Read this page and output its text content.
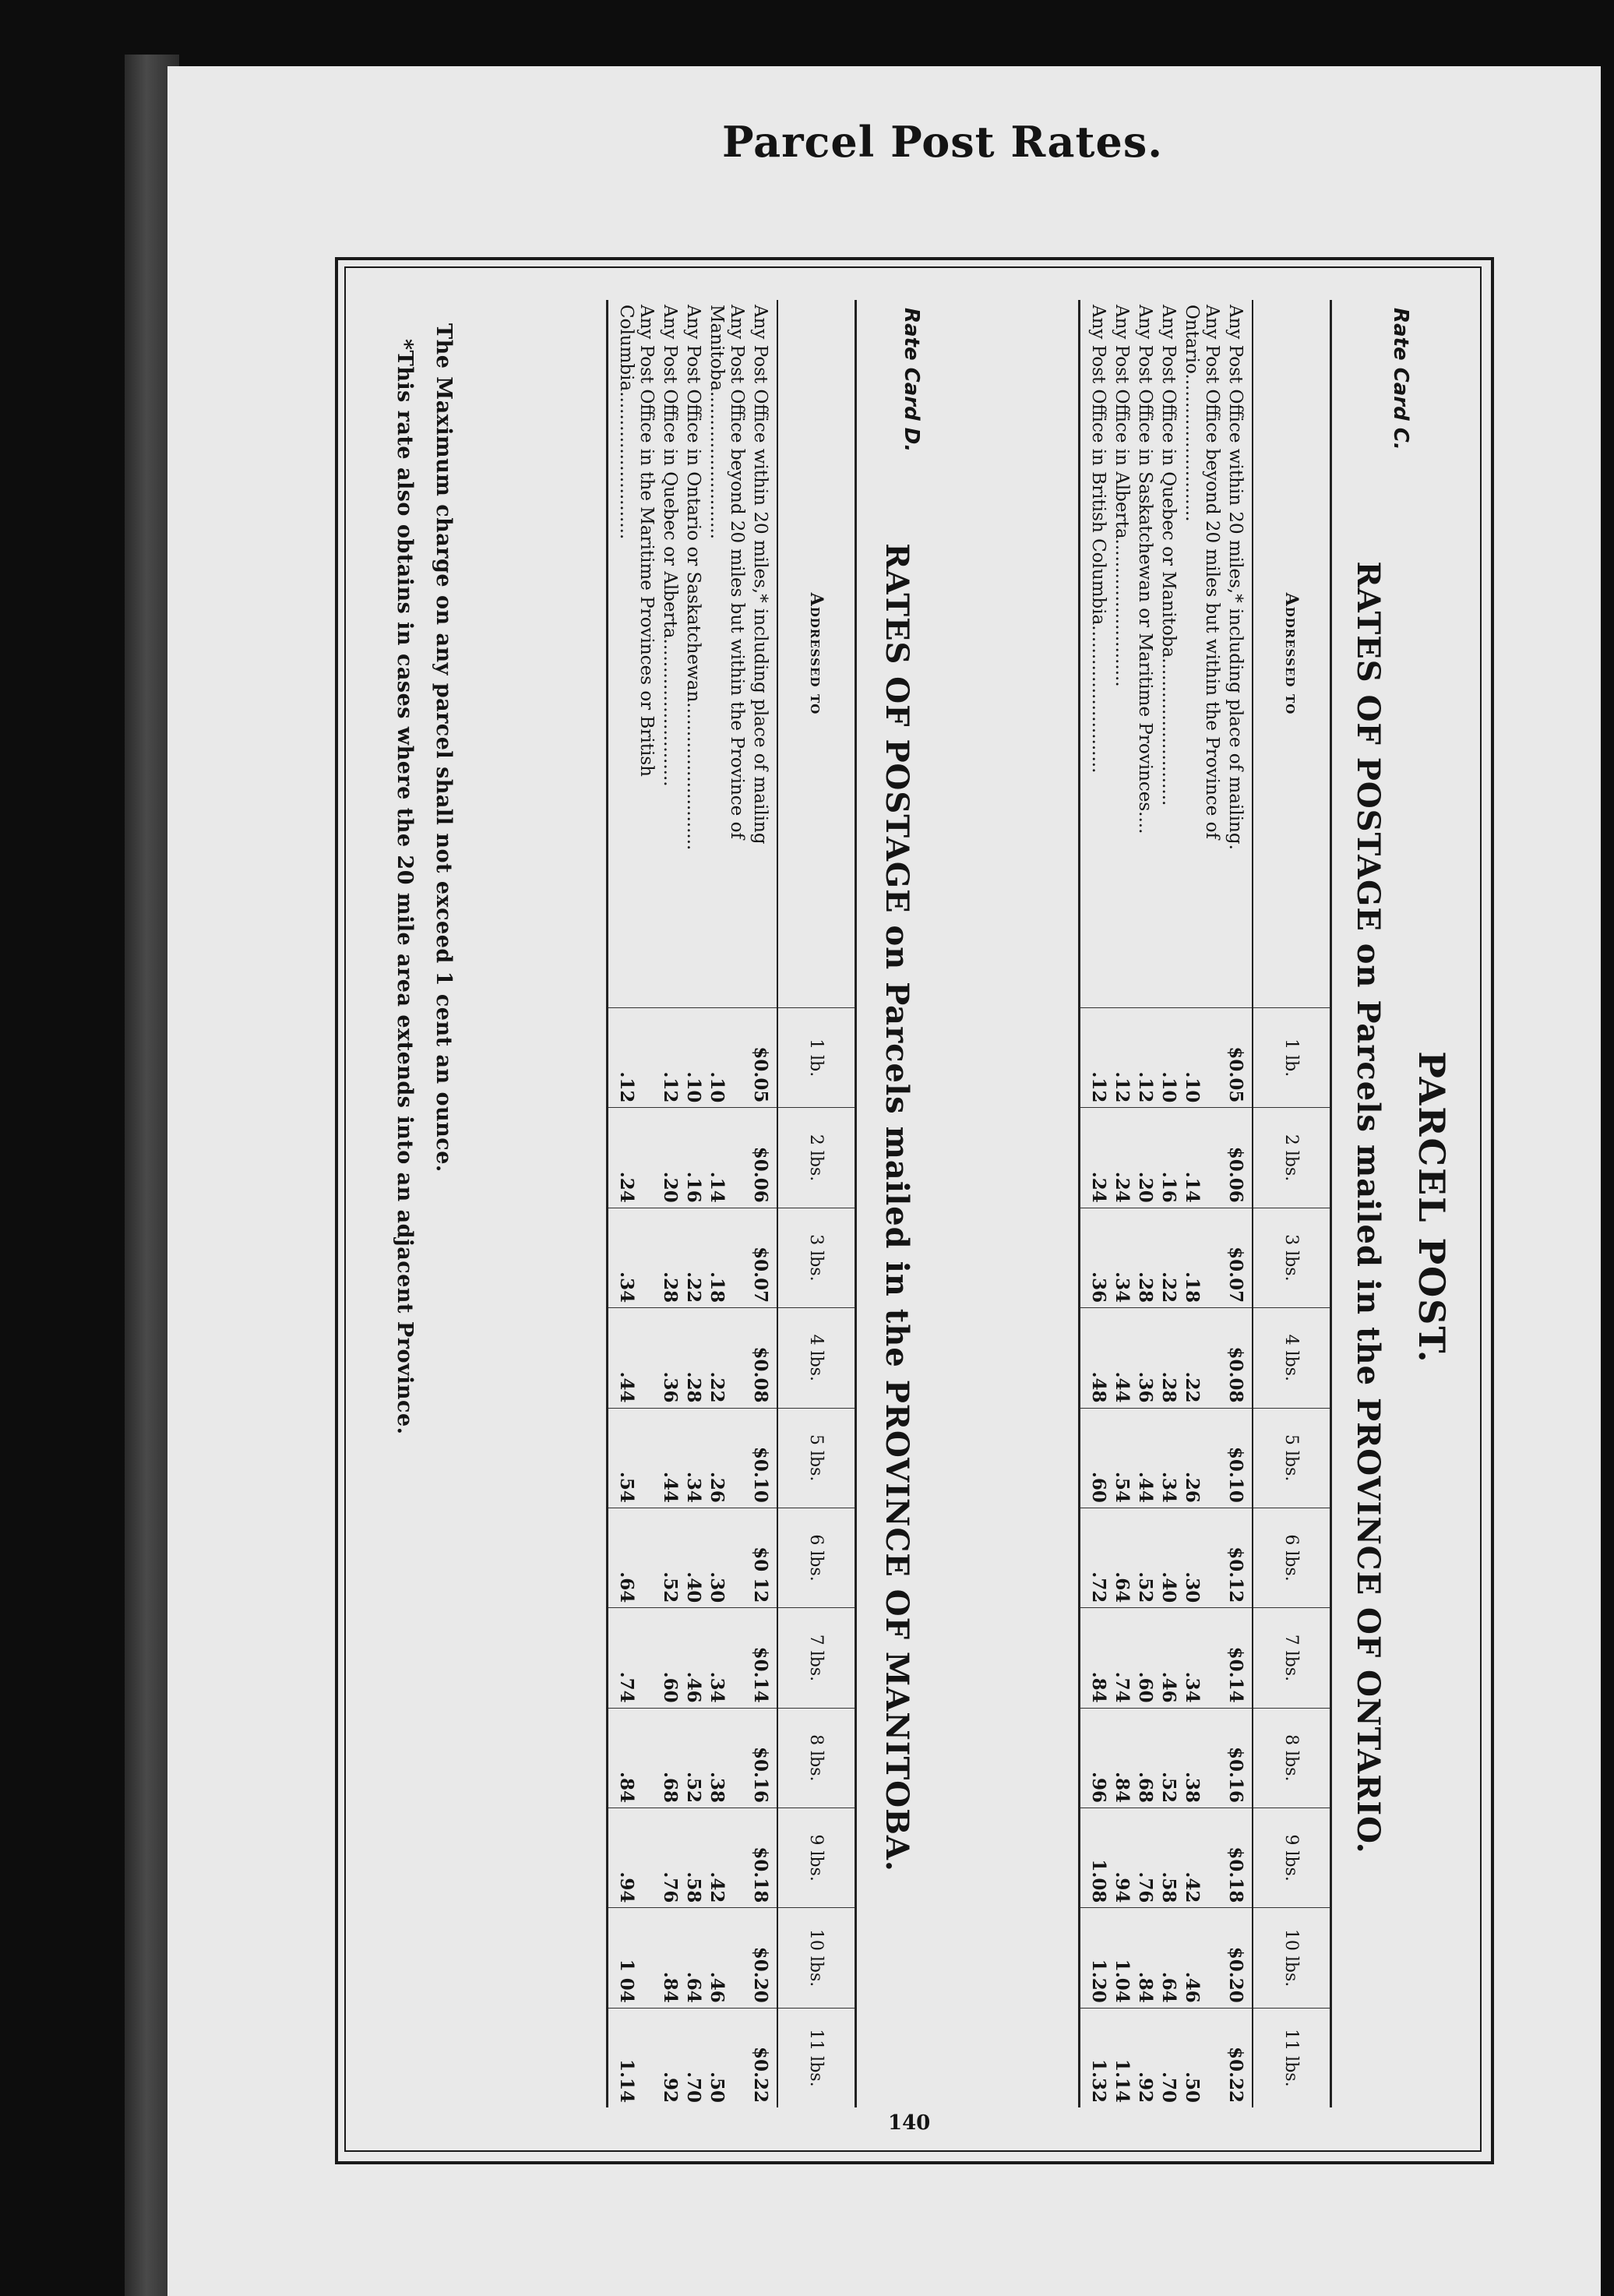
Parcel Post Rates.
Rate Card C.
PARCEL POST.
RATES OF POSTAGE on Parcels mailed in the PROVINCE OF ONTARIO.
Addressed to	1 lb.	2 lbs.	3 lbs.	4 lbs.	5 lbs.	6 lbs.	7 lbs.	8 lbs.	9 lbs.	10 lbs.	11 lbs.
Any Post Office within 20 miles,* including place of mailing.	$0.05	$0.06	$0.07	$0.08	$0.10	$0.12	$0.14	$0.16	$0.18	$0.20	$0.22
Any Post Office beyond 20 miles but within the Province of Ontario..........................	.10	.14	.18	.22	.26	.30	.34	.38	.42	.46	.50
Any Post Office in Quebec or Manitoba..........................	.10	.16	.22	.28	.34	.40	.46	.52	.58	.64	.70
Any Post Office in Saskatchewan or Maritime Provinces....	.12	.20	.28	.36	.44	.52	.60	.68	.76	.84	.92
Any Post Office in Alberta..........................	.12	.24	.34	.44	.54	.64	.74	.84	.94	1.04	1.14
Any Post Office in British Columbia..........................	.12	.24	.36	.48	.60	.72	.84	.96	1.08	1.20	1.32
Rate Card D.
RATES OF POSTAGE on Parcels mailed in the PROVINCE OF MANITOBA.
Addressed to	1 lb.	2 lbs.	3 lbs.	4 lbs.	5 lbs.	6 lbs.	7 lbs.	8 lbs.	9 lbs.	10 lbs.	11 lbs.
Any Post Office within 20 miles,* including place of mailing	$0.05	$0.06	$0.07	$0.08	$0.10	$0 12	$0.14	$0.16	$0.18	$0.20	$0.22
Any Post Office beyond 20 miles but within the Province of Manitoba..........................	.10	.14	.18	.22	.26	.30	.34	.38	.42	.46	.50
Any Post Office in Ontario or Saskatchewan..........................	.10	.16	.22	.28	.34	.40	.46	.52	.58	.64	.70
Any Post Office in Quebec or Alberta..........................	.12	.20	.28	.36	.44	.52	.60	.68	.76	.84	.92
Any Post Office in the Maritime Provinces or British Columbia..........................	.12	.24	.34	.44	.54	.64	.74	.84	.94	1 04	1.14
The Maximum charge on any parcel shall not exceed 1 cent an ounce.
*This rate also obtains in cases where the 20 mile area extends into an adjacent Province.
140
